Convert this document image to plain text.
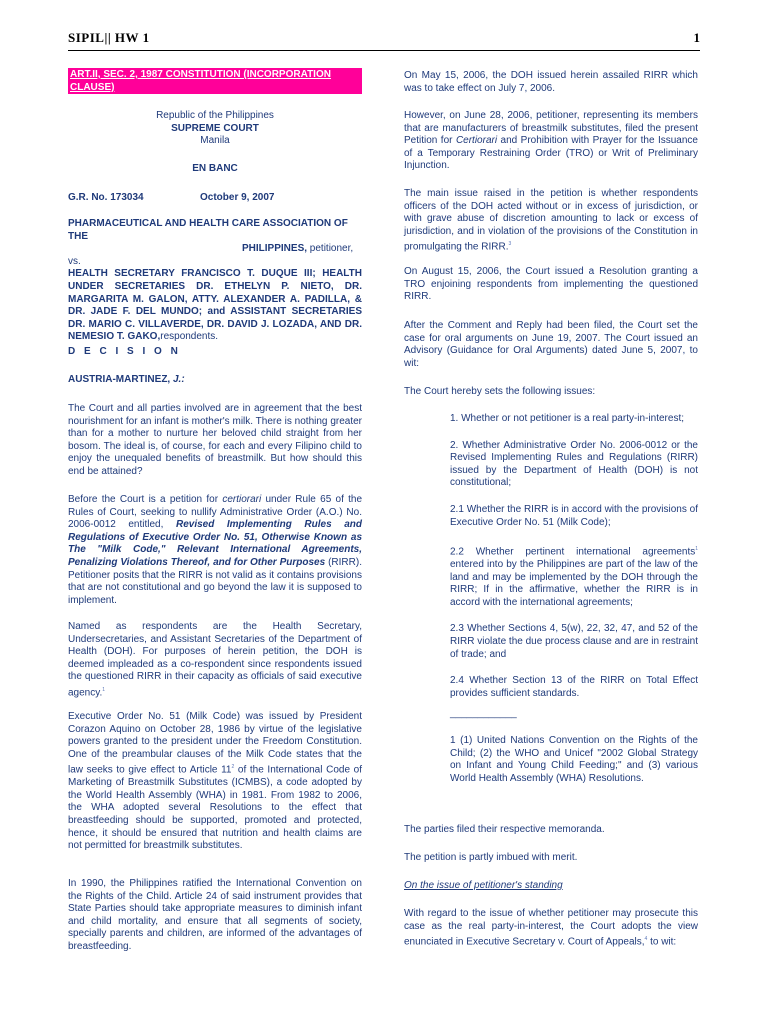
SIPIL|| HW 1	1
ART.II, SEC. 2, 1987 CONSTITUTION (INCORPORATION CLAUSE)
Republic of the Philippines
SUPREME COURT
Manila
EN BANC
G.R. No. 173034	October 9, 2007

PHARMACEUTICAL AND HEALTH CARE ASSOCIATION OF THE

PHILIPPINES, petitioner,

vs.

HEALTH SECRETARY FRANCISCO T. DUQUE III; HEALTH UNDER SECRETARIES DR. ETHELYN P. NIETO, DR. MARGARITA M. GALON, ATTY. ALEXANDER A. PADILLA, & DR. JADE F. DEL MUNDO; and ASSISTANT SECRETARIES DR. MARIO C. VILLAVERDE, DR. DAVID J. LOZADA, AND DR. NEMESIO T. GAKO,respondents.

D E C I S I O N
AUSTRIA-MARTINEZ, J.:

The Court and all parties involved are in agreement that the best nourishment for an infant is mother's milk. There is nothing greater than for a mother to nurture her beloved child straight from her bosom. The ideal is, of course, for each and every Filipino child to enjoy the unequaled benefits of breastmilk. But how should this end be attained?

Before the Court is a petition for certiorari under Rule 65 of the Rules of Court, seeking to nullify Administrative Order (A.O.) No. 2006-0012 entitled, Revised Implementing Rules and Regulations of Executive Order No. 51, Otherwise Known as The "Milk Code," Relevant International Agreements, Penalizing Violations Thereof, and for Other Purposes (RIRR). Petitioner posits that the RIRR is not valid as it contains provisions that are not constitutional and go beyond the law it is supposed to implement.

Named as respondents are the Health Secretary, Undersecretaries, and Assistant Secretaries of the Department of Health (DOH). For purposes of herein petition, the DOH is deemed impleaded as a co-respondent since respondents issued the questioned RIRR in their capacity as officials of said executive agency.$^1$

Executive Order No. 51 (Milk Code) was issued by President Corazon Aquino on October 28, 1986 by virtue of the legislative powers granted to the president under the Freedom Constitution. One of the preambular clauses of the Milk Code states that the law seeks to give effect to Article 11$^2$ of the International Code of Marketing of Breastmilk Substitutes (ICMBS), a code adopted by the World Health Assembly (WHA) in 1981. From 1982 to 2006, the WHA adopted several Resolutions to the effect that breastfeeding should be supported, promoted and protected, hence, it should be ensured that nutrition and health claims are not permitted for breastmilk substitutes.

In 1990, the Philippines ratified the International Convention on the Rights of the Child. Article 24 of said instrument provides that State Parties should take appropriate measures to diminish infant and child mortality, and ensure that all segments of society, specially parents and children, are informed of the advantages of breastfeeding.

On May 15, 2006, the DOH issued herein assailed RIRR which was to take effect on July 7, 2006.

However, on June 28, 2006, petitioner, representing its members that are manufacturers of breastmilk substitutes, filed the present Petition for Certiorari and Prohibition with Prayer for the Issuance of a Temporary Restraining Order (TRO) or Writ of Preliminary Injunction.

The main issue raised in the petition is whether respondents officers of the DOH acted without or in excess of jurisdiction, or with grave abuse of discretion amounting to lack or excess of jurisdiction, and in violation of the provisions of the Constitution in promulgating the RIRR.$^3$

On August 15, 2006, the Court issued a Resolution granting a TRO enjoining respondents from implementing the questioned RIRR.

After the Comment and Reply had been filed, the Court set the case for oral arguments on June 19, 2007. The Court issued an Advisory (Guidance for Oral Arguments) dated June 5, 2007, to wit:

The Court hereby sets the following issues:

1. Whether or not petitioner is a real party-in-interest;

2. Whether Administrative Order No. 2006-0012 or the Revised Implementing Rules and Regulations (RIRR) issued by the Department of Health (DOH) is not constitutional;

2.1 Whether the RIRR is in accord with the provisions of Executive Order No. 51 (Milk Code);

2.2 Whether pertinent international agreements$^1$ entered into by the Philippines are part of the law of the land and may be implemented by the DOH through the RIRR; If in the affirmative, whether the RIRR is in accord with the international agreements;

2.3 Whether Sections 4, 5(w), 22, 32, 47, and 52 of the RIRR violate the due process clause and are in restraint of trade; and

2.4 Whether Section 13 of the RIRR on Total Effect provides sufficient standards.

____________

1 (1) United Nations Convention on the Rights of the Child; (2) the WHO and Unicef "2002 Global Strategy on Infant and Young Child Feeding;" and (3) various World Health Assembly (WHA) Resolutions.

The parties filed their respective memoranda.

The petition is partly imbued with merit.

On the issue of petitioner's standing

With regard to the issue of whether petitioner may prosecute this case as the real party-in-interest, the Court adopts the view enunciated in Executive Secretary v. Court of Appeals,$^4$ to wit:
